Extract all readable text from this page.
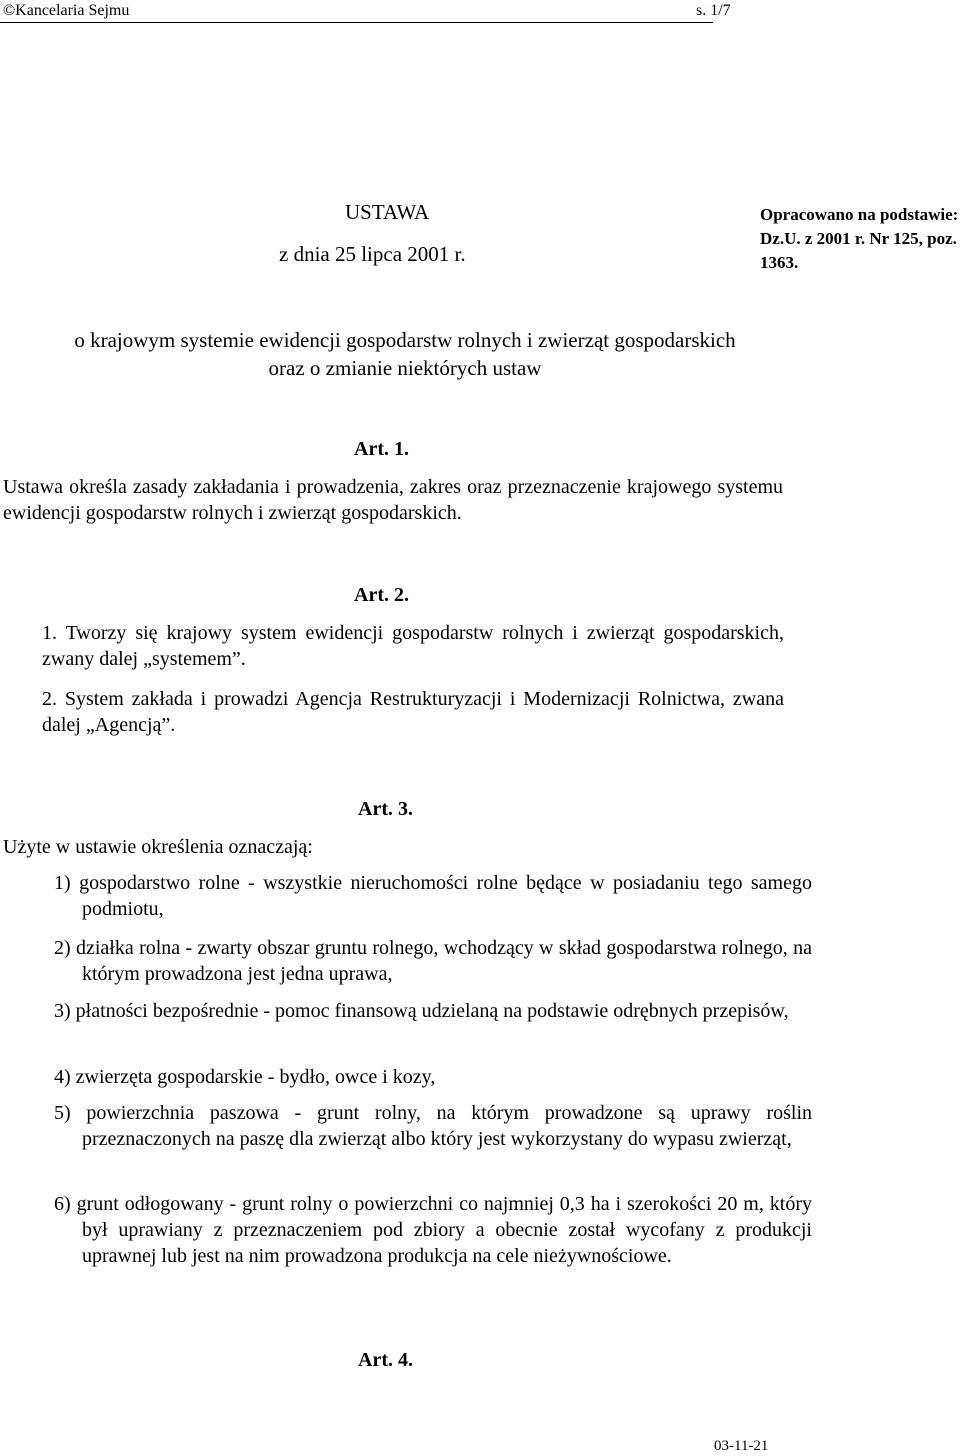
©Kancelaria Sejmu	s. 1/7
USTAWA
z dnia 25 lipca 2001 r.
Opracowano na podstawie: Dz.U. z 2001 r. Nr 125, poz. 1363.
o krajowym systemie ewidencji gospodarstw rolnych i zwierząt gospodarskich oraz o zmianie niektórych ustaw
Art. 1.
Ustawa określa zasady zakładania i prowadzenia, zakres oraz przeznaczenie krajowego systemu ewidencji gospodarstw rolnych i zwierząt gospodarskich.
Art. 2.
1. Tworzy się krajowy system ewidencji gospodarstw rolnych i zwierząt gospodarskich, zwany dalej „systemem”.
2. System zakłada i prowadzi Agencja Restrukturyzacji i Modernizacji Rolnictwa, zwana dalej „Agencją”.
Art. 3.
Użyte w ustawie określenia oznaczają:
1) gospodarstwo rolne - wszystkie nieruchomości rolne będące w posiadaniu tego samego podmiotu,
2) działka rolna - zwarty obszar gruntu rolnego, wchodzący w skład gospodarstwa rolnego, na którym prowadzona jest jedna uprawa,
3) płatności bezpośrednie - pomoc finansową udzielaną na podstawie odrębnych przepisów,
4) zwierzęta gospodarskie - bydło, owce i kozy,
5) powierzchnia paszowa - grunt rolny, na którym prowadzone są uprawy roślin przeznaczonych na paszę dla zwierząt albo który jest wykorzystany do wypasu zwierząt,
6) grunt odłogowany - grunt rolny o powierzchni co najmniej 0,3 ha i szerokości 20 m, który był uprawiany z przeznaczeniem pod zbiory a obecnie został wycofany z produkcji uprawnej lub jest na nim prowadzona produkcja na cele nieżywnościowe.
Art. 4.
03-11-21
